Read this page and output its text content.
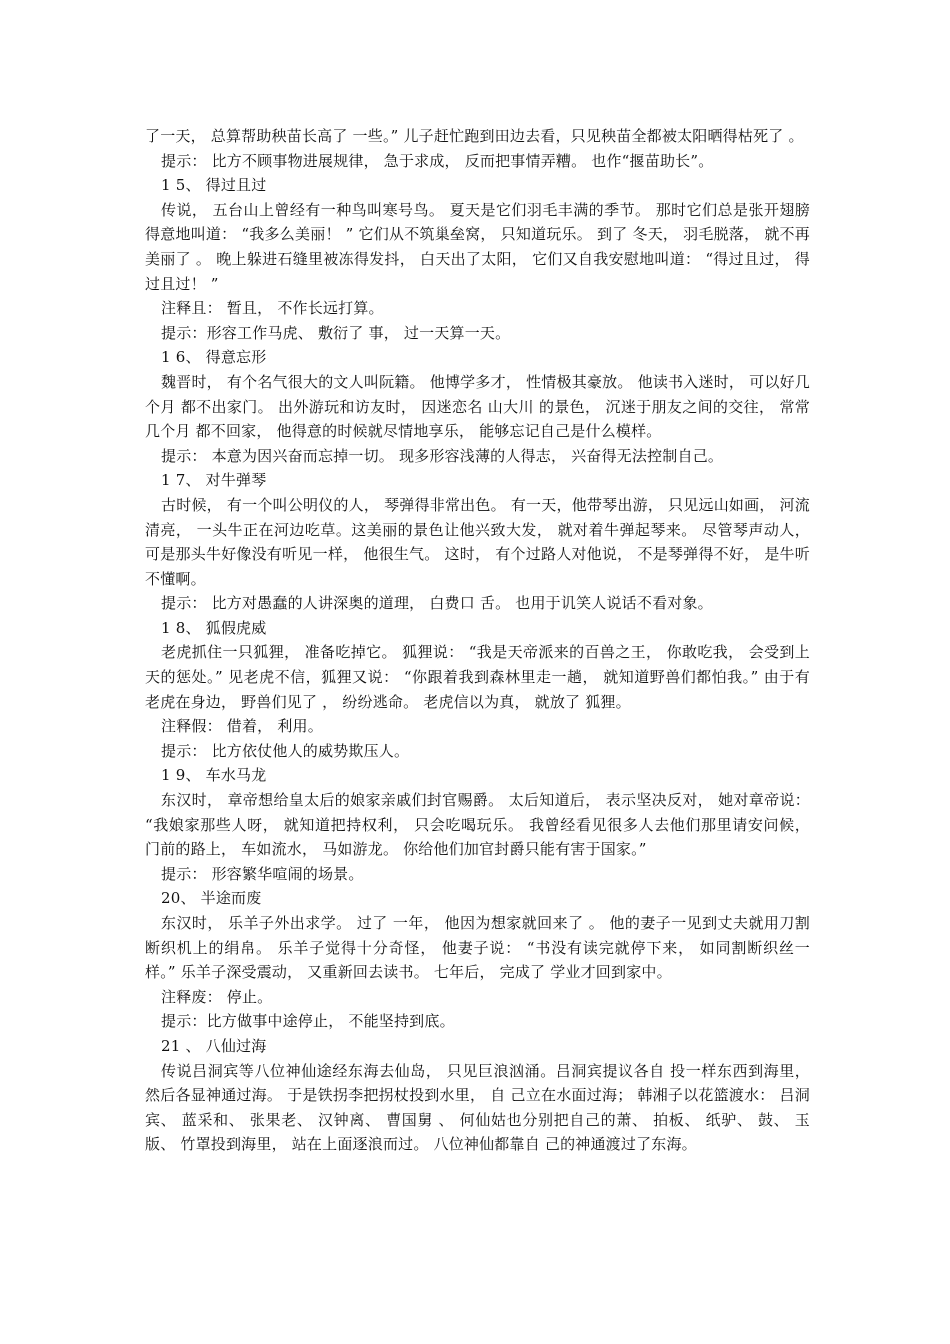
了一天， 总算帮助秧苗长高了 一些。” 儿子赶忙跑到田边去看，只见秧苗全都被太阳晒得枯死了 。

提示： 比方不顾事物进展规律， 急于求成， 反而把事情弄糟。 也作“揠苗助长”。

1 5、 得过且过

传说， 五台山上曾经有一种鸟叫寒号鸟。 夏天是它们羽毛丰满的季节。 那时它们总是张开翅膀得意地叫道： “我多么美丽！ ” 它们从不筑巢垒窝， 只知道玩乐。 到了 冬天， 羽毛脱落， 就不再美丽了 。 晚上躲进石缝里被冻得发抖， 白天出了太阳， 它们又自我安慰地叫道： “得过且过， 得过且过！ ”

注释且： 暂且， 不作长远打算。

提示：形容工作马虎、 敷衍了 事， 过一天算一天。

1 6、 得意忘形

魏晋时， 有个名气很大的文人叫阮籍。 他博学多才， 性情极其豪放。 他读书入迷时， 可以好几个月 都不出家门。 出外游玩和访友时， 因迷恋名 山大川 的景色， 沉迷于朋友之间的交往， 常常几个月 都不回家， 他得意的时候就尽情地享乐， 能够忘记自己是什么模样。

提示： 本意为因兴奋而忘掉一切。 现多形容浅薄的人得志， 兴奋得无法控制自己。

1 7、 对牛弹琴

古时候， 有一个叫公明仪的人， 琴弹得非常出色。 有一天，他带琴出游， 只见远山如画， 河流清亮， 一头牛正在河边吃草。这美丽的景色让他兴致大发， 就对着牛弹起琴来。 尽管琴声动人， 可是那头牛好像没有听见一样， 他很生气。 这时， 有个过路人对他说， 不是琴弹得不好， 是牛听不懂啊。

提示： 比方对愚蠢的人讲深奥的道理， 白费口 舌。 也用于讥笑人说话不看对象。

1 8、 狐假虎威

老虎抓住一只狐狸， 准备吃掉它。 狐狸说： “我是天帝派来的百兽之王， 你敢吃我， 会受到上天的惩处。” 见老虎不信，狐狸又说： “你跟着我到森林里走一趟， 就知道野兽们都怕我。” 由于有老虎在身边， 野兽们见了 ， 纷纷逃命。 老虎信以为真， 就放了 狐狸。

注释假： 借着， 利用。

提示： 比方依仗他人的威势欺压人。

1 9、 车水马龙

东汉时， 章帝想给皇太后的娘家亲戚们封官赐爵。 太后知道后， 表示坚决反对， 她对章帝说： “我娘家那些人呀， 就知道把持权利， 只会吃喝玩乐。 我曾经看见很多人去他们那里请安问候， 门前的路上， 车如流水， 马如游龙。 你给他们加官封爵只能有害于国家。”

提示： 形容繁华喧闹的场景。

20、 半途而废

东汉时， 乐羊子外出求学。 过了 一年， 他因为想家就回来了 。 他的妻子一见到丈夫就用刀割断织机上的绢帛。 乐羊子觉得十分奇怪， 他妻子说： “书没有读完就停下来， 如同割断织丝一样。” 乐羊子深受震动， 又重新回去读书。 七年后， 完成了 学业才回到家中。

注释废： 停止。

提示：比方做事中途停止， 不能坚持到底。

21 、 八仙过海

传说吕洞宾等八位神仙途经东海去仙岛， 只见巨浪汹涌。吕洞宾提议各自 投一样东西到海里， 然后各显神通过海。 于是铁拐李把拐杖投到水里， 自 己立在水面过海； 韩湘子以花篮渡水： 吕洞宾、 蓝采和、 张果老、 汉钟离、 曹国舅 、 何仙姑也分别把自己的萧、 拍板、 纸驴、 鼓、 玉版、 竹罩投到海里， 站在上面逐浪而过。 八位神仙都靠自 己的神通渡过了东海。
